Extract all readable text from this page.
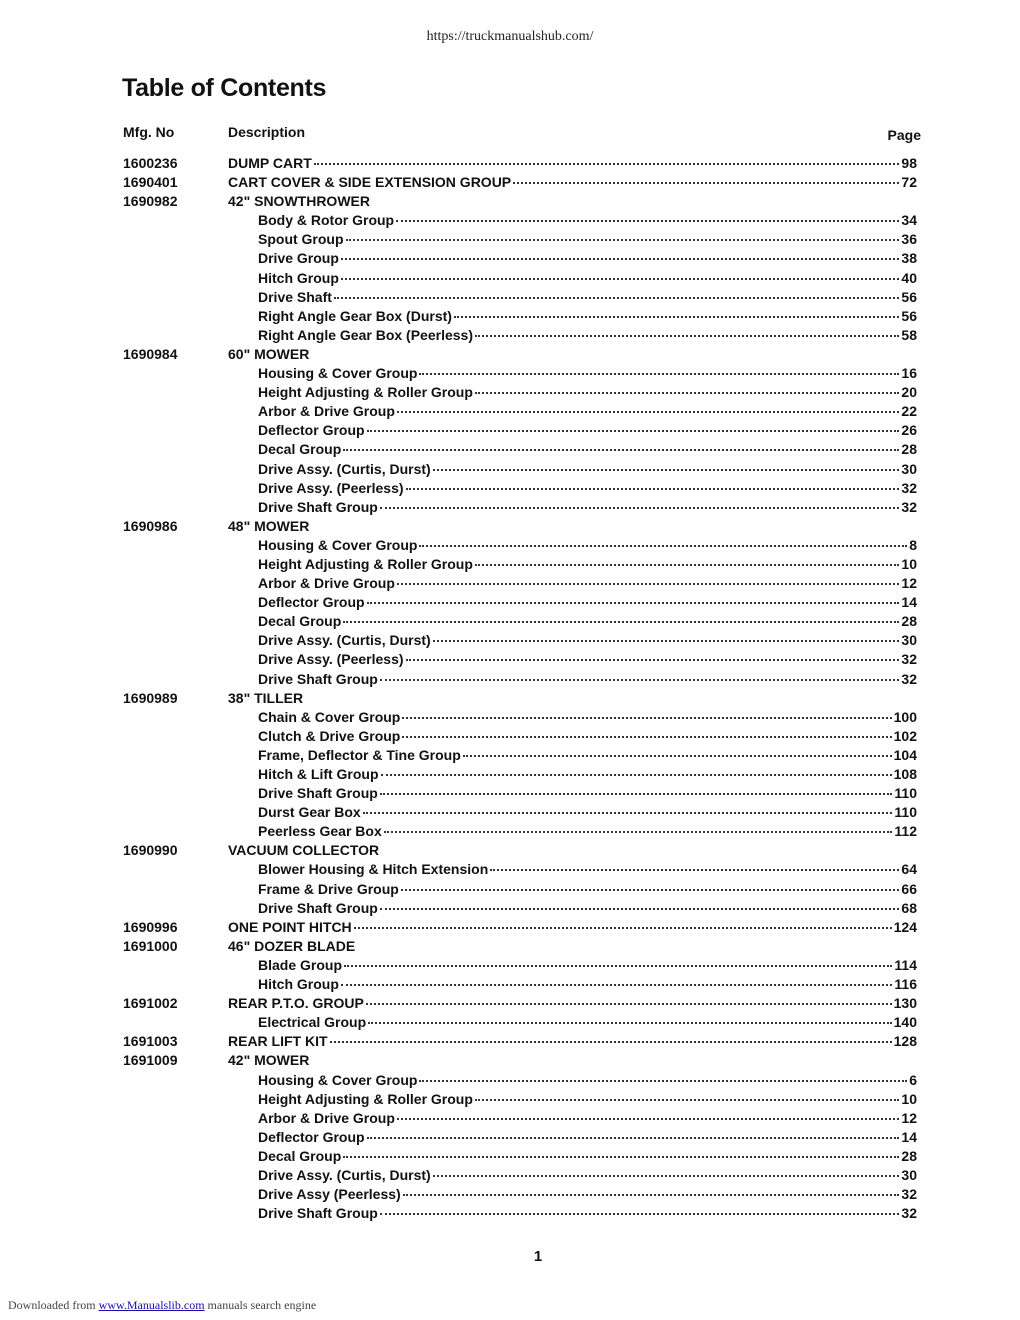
https://truckmanualshub.com/
Table of Contents
Mfg. No	Description	Page
1600236	DUMP CART	98
1690401	CART COVER & SIDE EXTENSION GROUP	72
1690982	42" SNOWTHROWER
Body & Rotor Group	34
Spout Group	36
Drive Group	38
Hitch Group	40
Drive Shaft	56
Right Angle Gear Box (Durst)	56
Right Angle Gear Box (Peerless)	58
1690984	60" MOWER
Housing & Cover Group	16
Height Adjusting & Roller Group	20
Arbor & Drive Group	22
Deflector Group	26
Decal Group	28
Drive Assy. (Curtis, Durst)	30
Drive Assy. (Peerless)	32
Drive Shaft Group	32
1690986	48" MOWER
Housing & Cover Group	8
Height Adjusting & Roller Group	10
Arbor & Drive Group	12
Deflector Group	14
Decal Group	28
Drive Assy. (Curtis, Durst)	30
Drive Assy. (Peerless)	32
Drive Shaft Group	32
1690989	38" TILLER
Chain & Cover Group	100
Clutch & Drive Group	102
Frame, Deflector & Tine Group	104
Hitch & Lift Group	108
Drive Shaft Group	110
Durst Gear Box	110
Peerless Gear Box	112
1690990	VACUUM COLLECTOR
Blower Housing & Hitch Extension	64
Frame & Drive Group	66
Drive Shaft Group	68
1690996	ONE POINT HITCH	124
1691000	46" DOZER BLADE
Blade Group	114
Hitch Group	116
1691002	REAR P.T.O. GROUP	130
Electrical Group	140
1691003	REAR LIFT KIT	128
1691009	42" MOWER
Housing & Cover Group	6
Height Adjusting & Roller Group	10
Arbor & Drive Group	12
Deflector Group	14
Decal Group	28
Drive Assy. (Curtis, Durst)	30
Drive Assy (Peerless)	32
Drive Shaft Group	32
1
Downloaded from www.Manualslib.com manuals search engine
